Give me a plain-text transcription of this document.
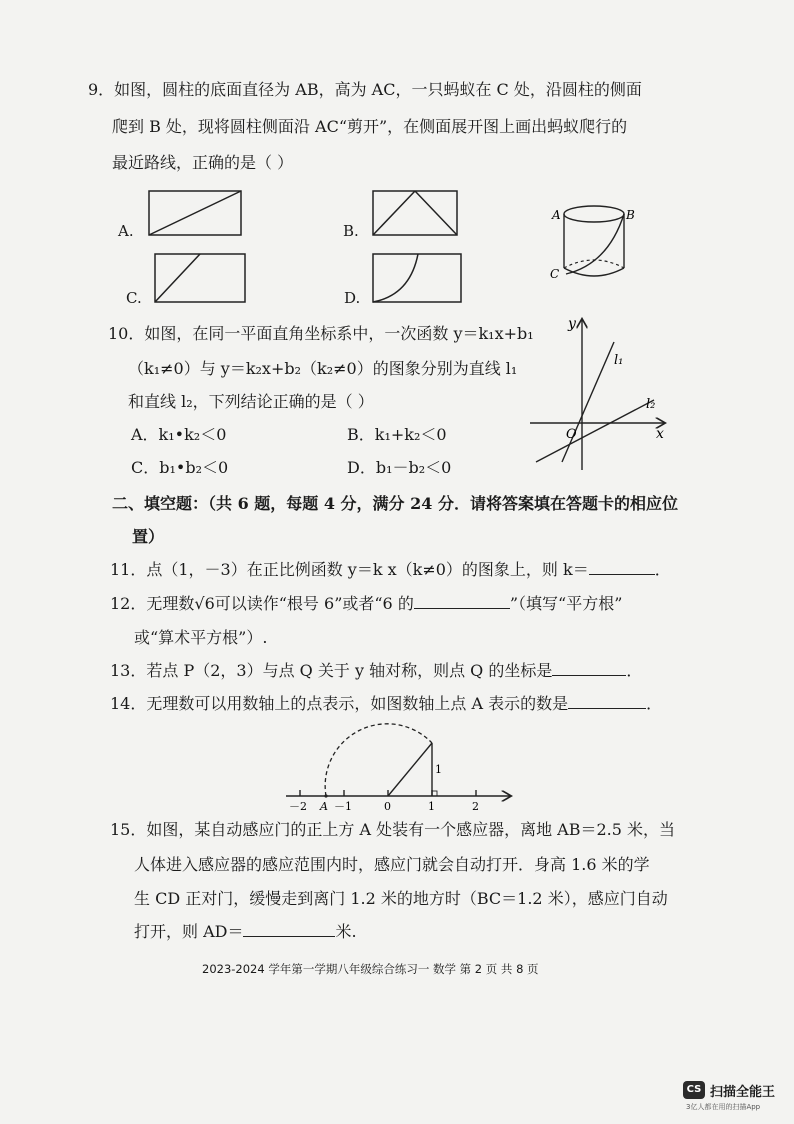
9．如图，圆柱的底面直径为 AB，高为 AC，一只蚂蚁在 C 处，沿圆柱的侧面
爬到 B 处，现将圆柱侧面沿 AC“剪开”，在侧面展开图上画出蚂蚁爬行的
最近路线，正确的是（ ）
A.	B.
C.	D.
A	B
C
10．如图，在同一平面直角坐标系中，一次函数 y＝k₁x+b₁
（k₁≠0）与 y＝k₂x+b₂（k₂≠0）的图象分别为直线 l₁
和直线 l₂，下列结论正确的是（ ）
A．k₁•k₂＜0	B．k₁+k₂＜0
C．b₁•b₂＜0	D．b₁－b₂＜0
y
x
O
l₁
l₂
二、填空题：（共 6 题，每题 4 分，满分 24 分．请将答案填在答题卡的相应位
置）
11．点（1，－3）在正比例函数 y＝k x（k≠0）的图象上，则 k＝	．
12．无理数√6可以读作“根号 6”或者“6 的	”（填写“平方根”
或“算术平方根”）.
13．若点 P（2，3）与点 Q 关于 y 轴对称，则点 Q 的坐标是	．
14．无理数可以用数轴上的点表示，如图数轴上点 A 表示的数是	．
－2 A －1	0	1	2
1
15．如图，某自动感应门的正上方 A 处装有一个感应器，离地 AB＝2.5 米，当
人体进入感应器的感应范围内时，感应门就会自动打开．身高 1.6 米的学
生 CD 正对门，缓慢走到离门 1.2 米的地方时（BC＝1.2 米），感应门自动
打开，则 AD＝	米.
2023-2024 学年第一学期八年级综合练习一 数学 第 2 页 共 8 页
CS 扫描全能王
3亿人都在用的扫描App
